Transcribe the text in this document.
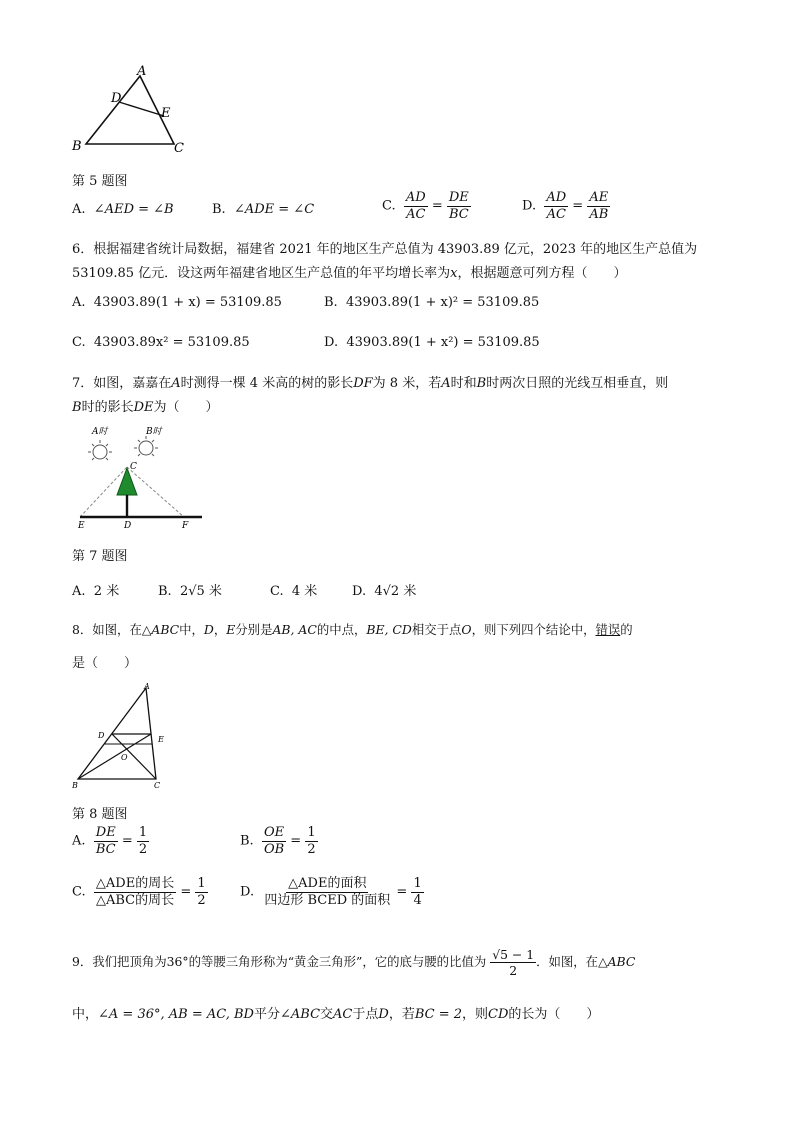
A
D
E
B	C
第 5 题图
A. ∠AED = ∠B	B. ∠ADE = ∠C	C. $\frac{AD}{AC} = \frac{DE}{BC}$	D. $\frac{AD}{AC} = \frac{AE}{AB}$
6．根据福建省统计局数据，福建省 2021 年的地区生产总值为 43903.89 亿元，2023 年的地区生产总值为
53109.85 亿元．设这两年福建省地区生产总值的年平均增长率为x，根据题意可列方程（　　）
A. 43903.89(1 + x) = 53109.85	B. 43903.89(1 + x)² = 53109.85
C. 43903.89x² = 53109.85	D. 43903.89(1 + x²) = 53109.85
7．如图，嘉嘉在A时测得一棵 4 米高的树的影长DF为 8 米，若A时和B时两次日照的光线互相垂直，则
B时的影长DE为（　　）
A时	B时
C
E	D	F
第 7 题图
A. 2 米	B. 2√5 米	C. 4 米	D. 4√2 米
8．如图，在△ABC中，D，E分别是AB, AC的中点，BE, CD相交于点O，则下列四个结论中，错误的
是（　　）
A
D	E
O
B	C
第 8 题图
A. $\frac{DE}{BC} = \frac{1}{2}$	B. $\frac{OE}{OB} = \frac{1}{2}$
C. $\frac{\text{△ADE的周长}}{\text{△ABC的周长}} = \frac{1}{2} D$. $\frac{\text{△ADE的面积}}{\text{四边形 BCED 的面积}} = \frac{1}{4}$
9．我们把顶角为36°的等腰三角形称为“黄金三角形”，它的底与腰的比值为 $\frac{√5 - 1}{2}$ ．如图，在△ABC
中，∠A = 36°, AB = AC, BD平分∠ABC交AC于点D，若BC = 2，则CD的长为（　　）
